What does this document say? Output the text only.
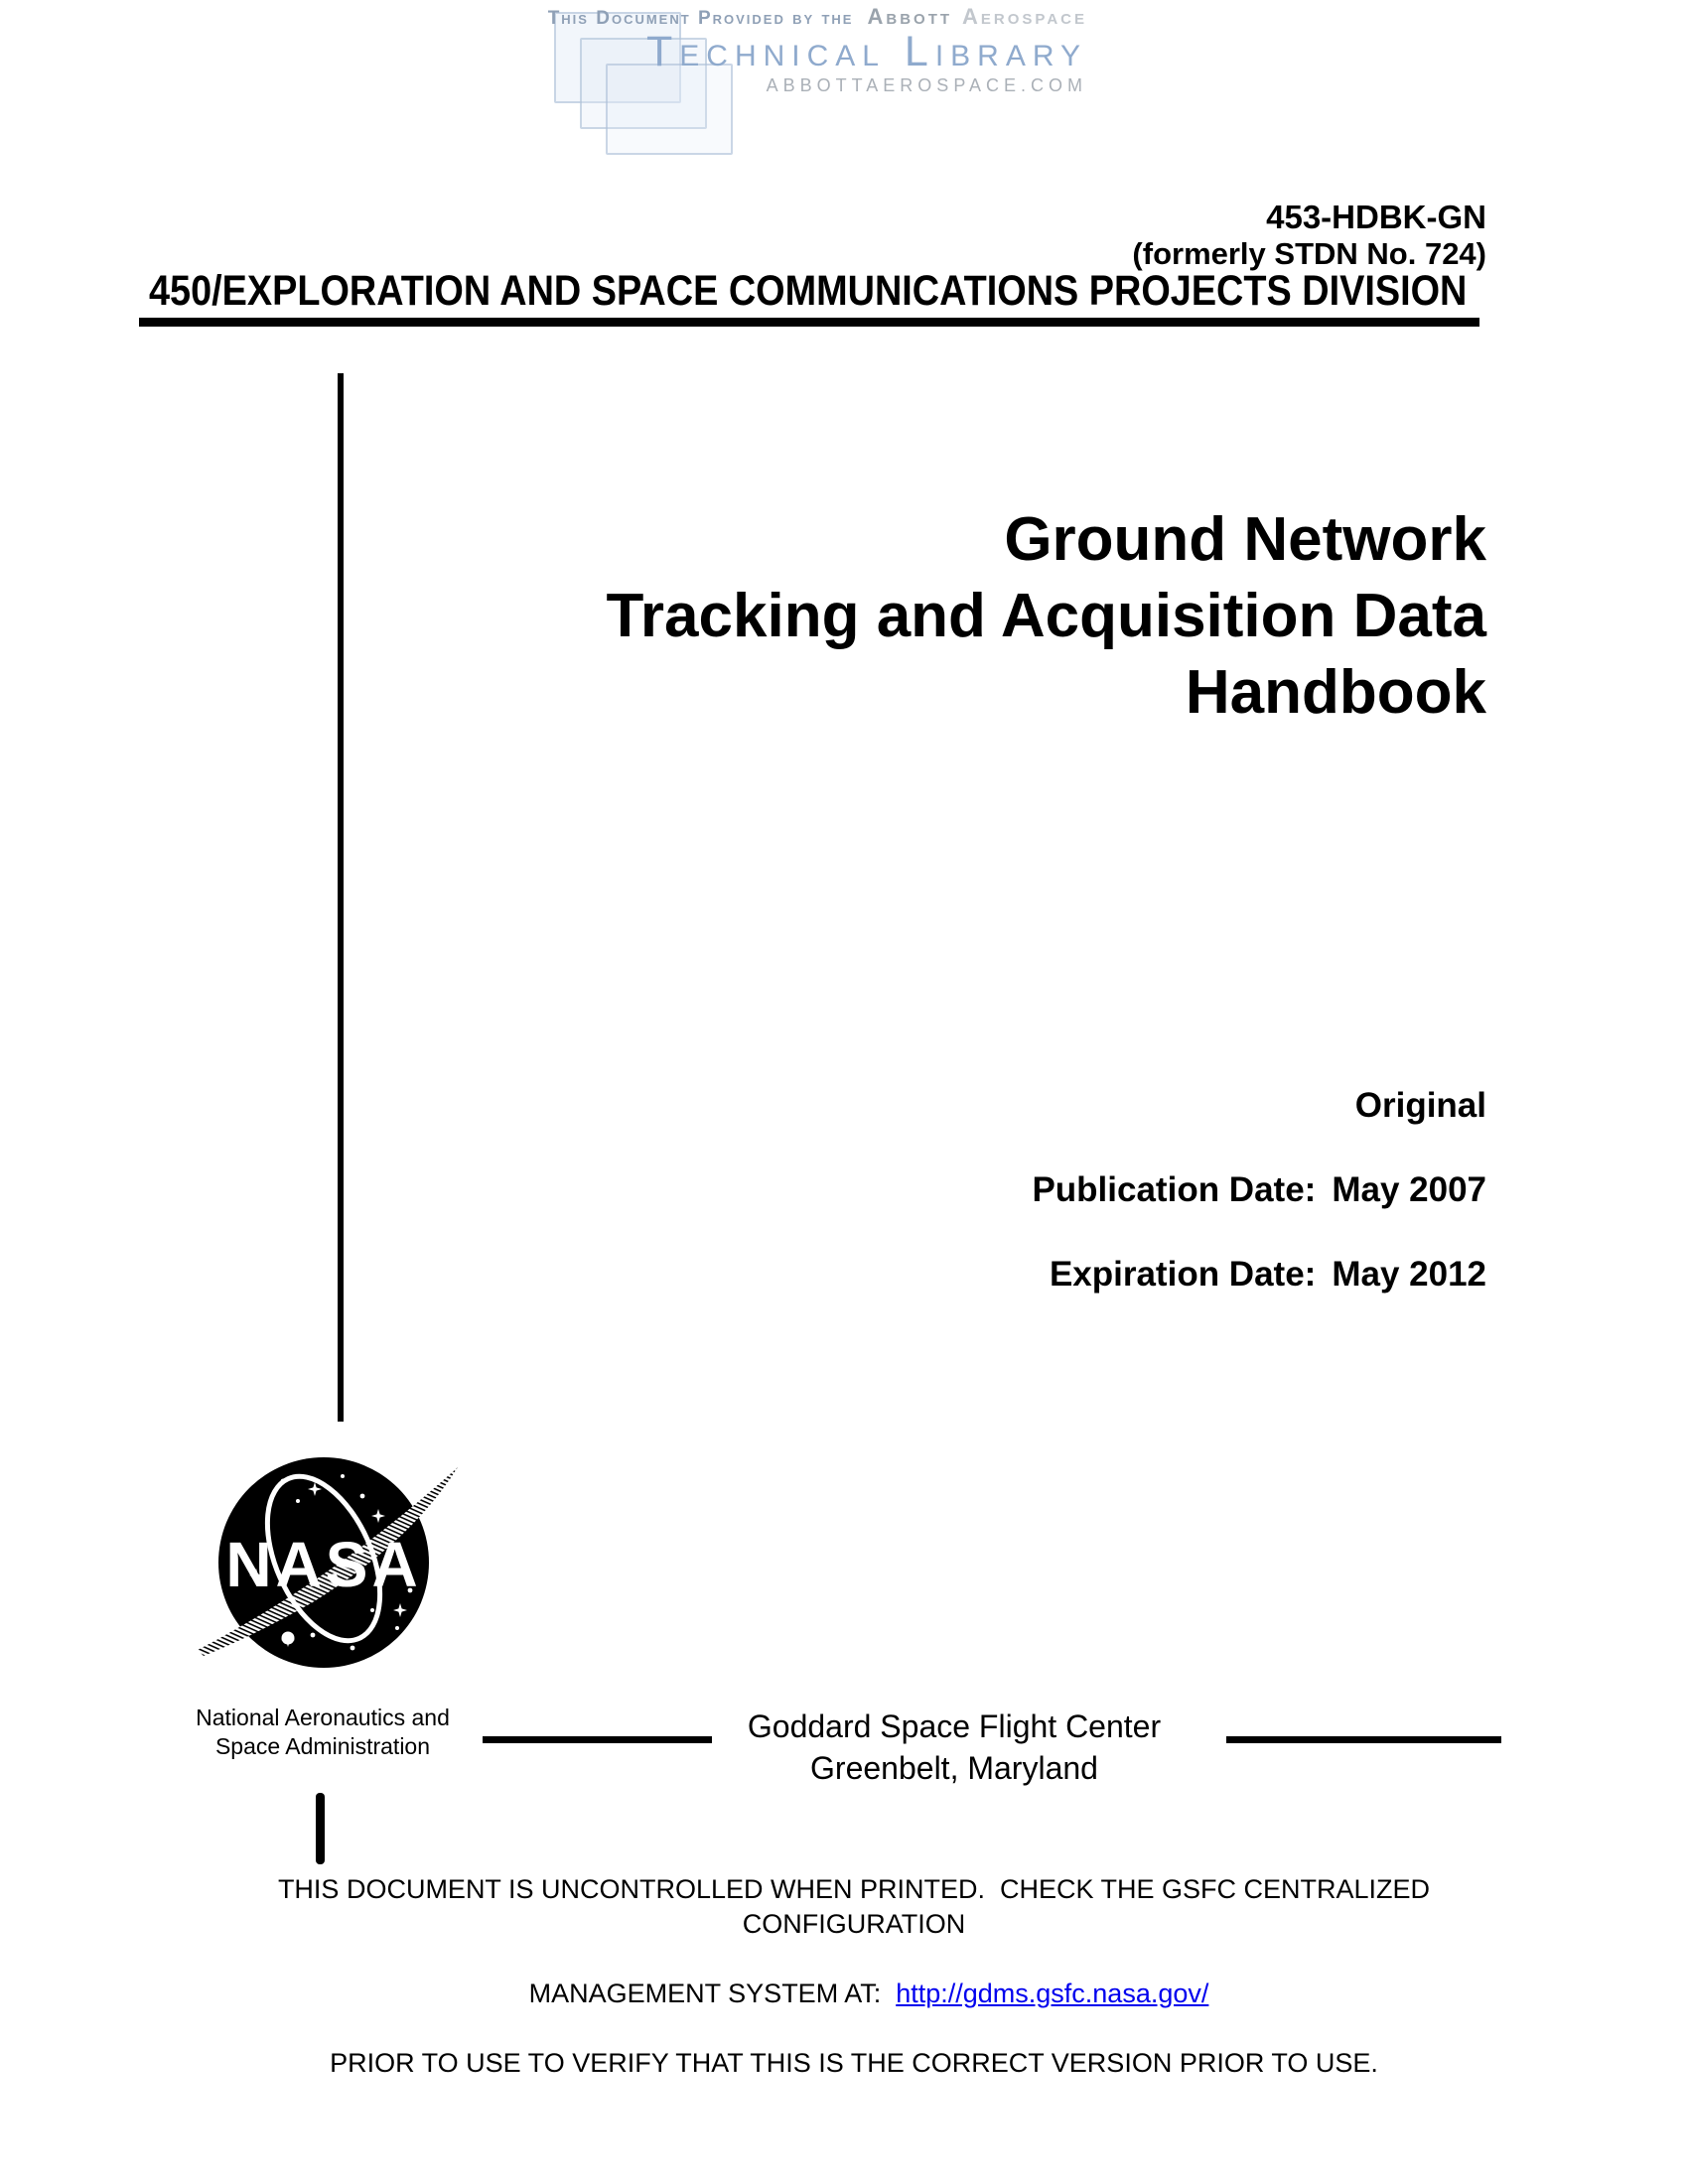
This Document Provided by the Abbott Aerospace
Technical Library
ABBOTTAEROSPACE.COM
453-HDBK-GN
(formerly STDN No. 724)
450/EXPLORATION AND SPACE COMMUNICATIONS PROJECTS DIVISION
Ground Network
Tracking and Acquisition Data
Handbook
Original
Publication Date: May 2007
Expiration Date: May 2012
NASA
National Aeronautics and
Space Administration
Goddard Space Flight Center
Greenbelt, Maryland
THIS DOCUMENT IS UNCONTROLLED WHEN PRINTED.  CHECK THE GSFC CENTRALIZED CONFIGURATION

MANAGEMENT SYSTEM AT:  http://gdms.gsfc.nasa.gov/

PRIOR TO USE TO VERIFY THAT THIS IS THE CORRECT VERSION PRIOR TO USE.
